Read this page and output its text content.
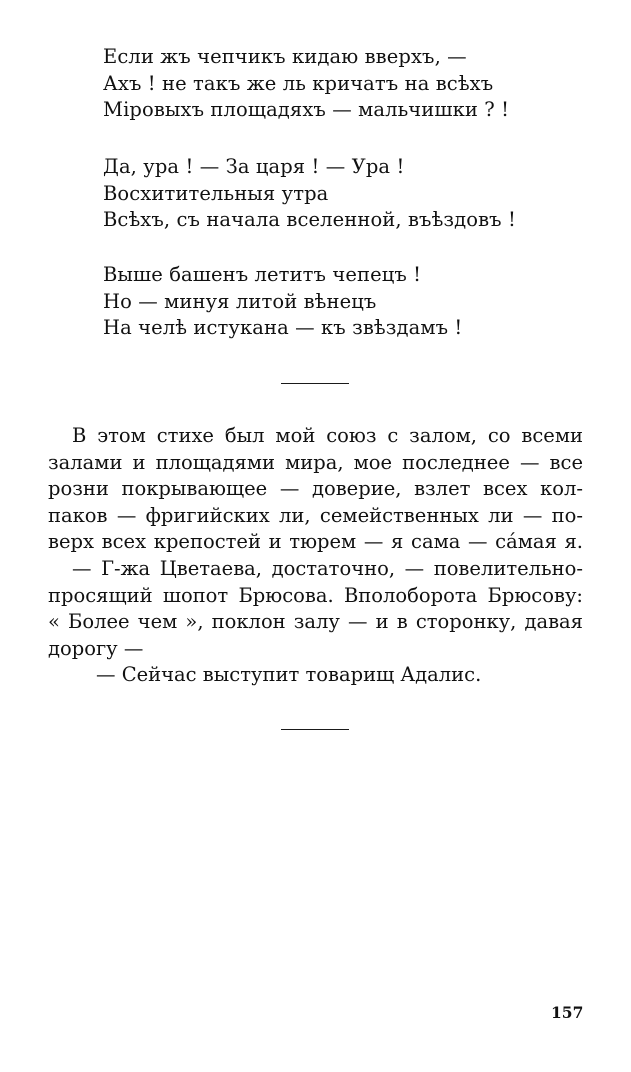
Если жъ чепчикъ кидаю вверхъ, —
Ахъ ! не такъ же ль кричатъ на всѣхъ
Міровыхъ площадяхъ — мальчишки ? !
Да, ура ! — За царя ! — Ура !
Восхитительныя утра
Всѣхъ, съ начала вселенной, въѣздовъ !
Выше башенъ летитъ чепецъ !
Но — минуя литой вѣнецъ
На челѣ истукана — къ звѣздамъ !
В этом стихе был мой союз с залом, со всеми
залами и площадями мира, мое последнее — все
розни покрывающее — доверие, взлет всех кол-
паков — фригийских ли, семейственных ли — по-
верх всех крепостей и тюрем — я сама — сáмая я.
— Г-жа Цветаева, достаточно, — повелительно-
просящий шопот Брюсова. Вполоборота Брюсову:
« Более чем », поклон залу — и в сторонку, давая
дорогу —
— Сейчас выступит товарищ Адалис.
157
